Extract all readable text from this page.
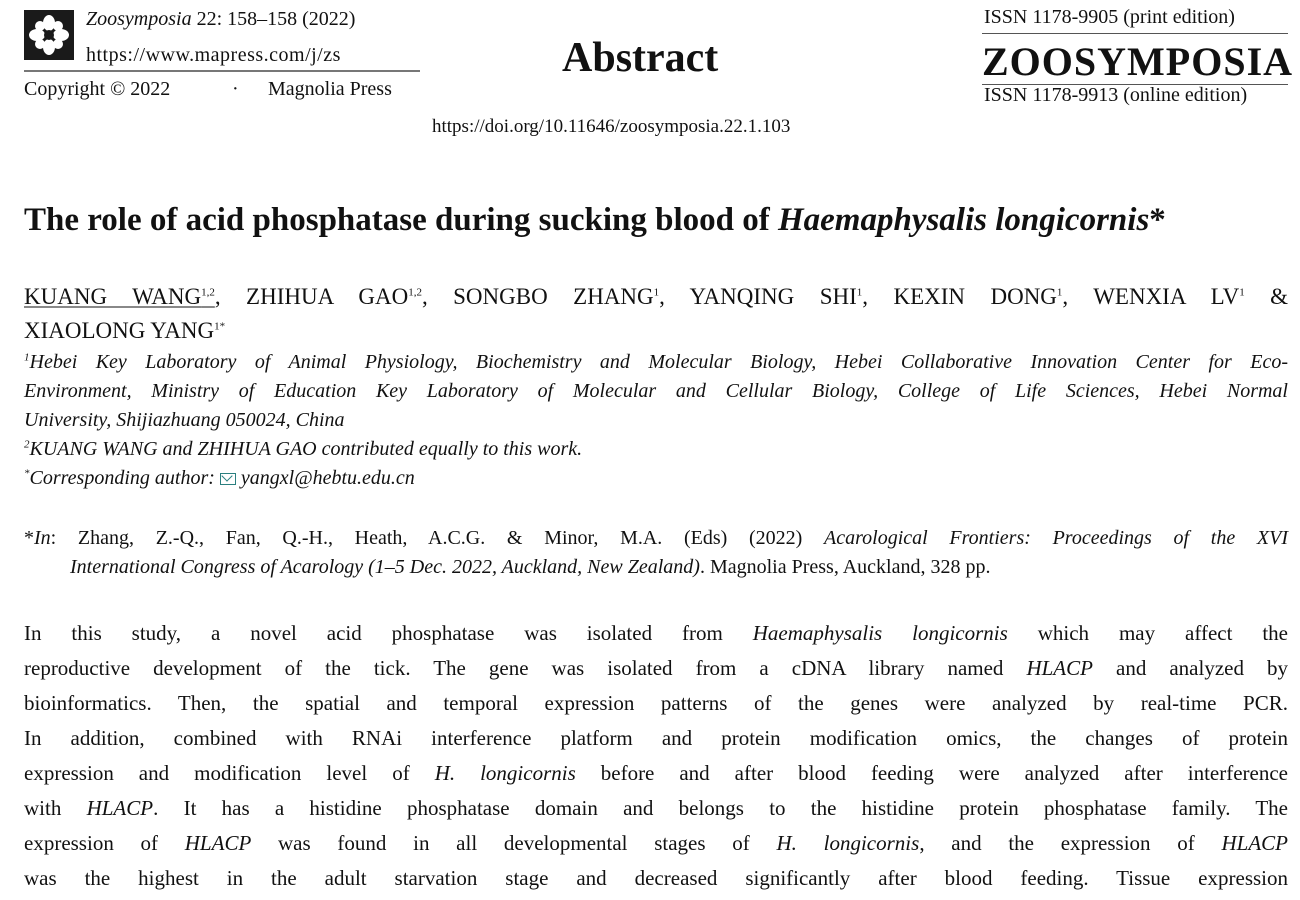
Zoosymposia 22: 158–158 (2022)
https://www.mapress.com/j/zs
Copyright © 2022	· Magnolia Press
Abstract
ISSN 1178-9905 (print edition)
ZOOSYMPOSIA
ISSN 1178-9913 (online edition)
https://doi.org/10.11646/zoosymposia.22.1.103
The role of acid phosphatase during sucking blood of Haemaphysalis longicornis*
KUANG WANG$^{1,2}$, ZHIHUA GAO$^{1,2}$, SONGBO ZHANG$^1$, YANQING SHI$^1$, KEXIN DONG$^1$, WENXIA $LV^1$ &
XIAOLONG $YANG^{1*}$
$^1$Hebei Key Laboratory of Animal Physiology, Biochemistry and Molecular Biology, Hebei Collaborative Innovation Center for Eco-
Environment, Ministry of Education Key Laboratory of Molecular and Cellular Biology, College of Life Sciences, Hebei Normal
University, Shijiazhuang 050024, China
$^2$KUANG WANG and ZHIHUA GAO contributed equally to this work.
*Corresponding author: yangxl@hebtu.edu.cn
*In: Zhang, Z.-Q., Fan, Q.-H., Heath, A.C.G. & Minor, M.A. (Eds) (2022) Acarological Frontiers: Proceedings of the XVI
International Congress of Acarology (1–5 Dec. 2022, Auckland, New Zealand). Magnolia Press, Auckland, 328 pp.
In this study, a novel acid phosphatase was isolated from Haemaphysalis longicornis which may affect the
reproductive development of the tick. The gene was isolated from a cDNA library named HLACP and analyzed by
bioinformatics. Then, the spatial and temporal expression patterns of the genes were analyzed by real-time PCR.
In addition, combined with RNAi interference platform and protein modification omics, the changes of protein
expression and modification level of H. longicornis before and after blood feeding were analyzed after interference
with HLACP. It has a histidine phosphatase domain and belongs to the histidine protein phosphatase family. The
expression of HLACP was found in all developmental stages of H. longicornis, and the expression of HLACP
was the highest in the adult starvation stage and decreased significantly after blood feeding. Tissue expression
